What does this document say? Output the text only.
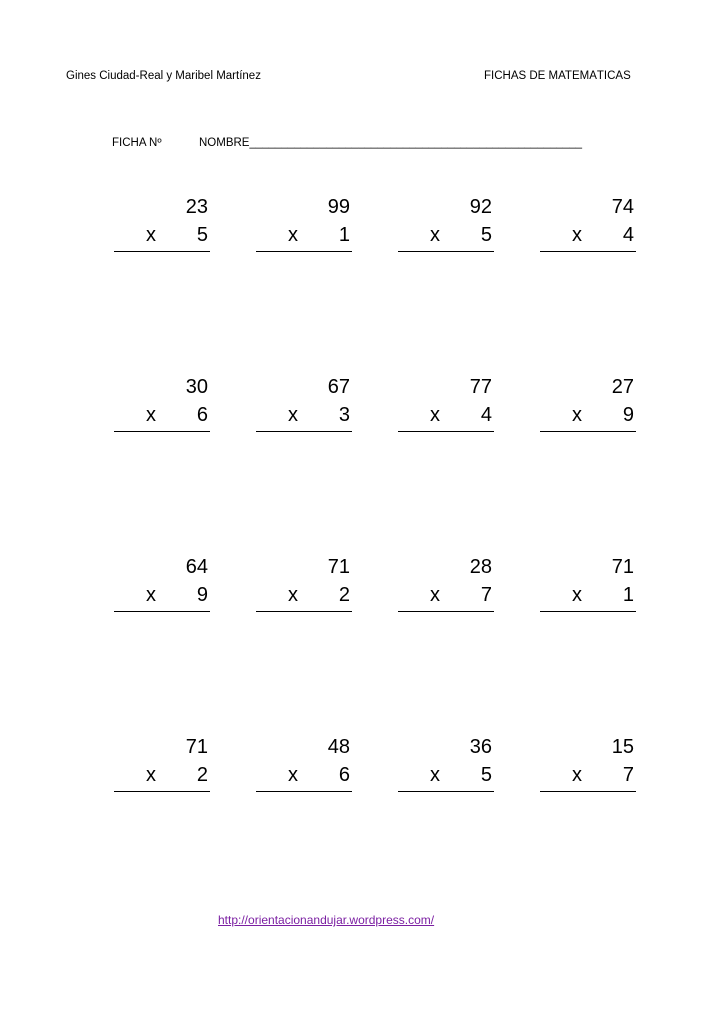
Gines Ciudad-Real y Maribel Martínez	FICHAS DE MATEMÁTICAS
FICHA Nº	NOMBRE____________________________________________________
23
x 5
99
x 1
92
x 5
74
x 4
30
x 6
67
x 3
77
x 4
27
x 9
64
x 9
71
x 2
28
x 7
71
x 1
71
x 2
48
x 6
36
x 5
15
x 7
http://orientacionandujar.wordpress.com/
